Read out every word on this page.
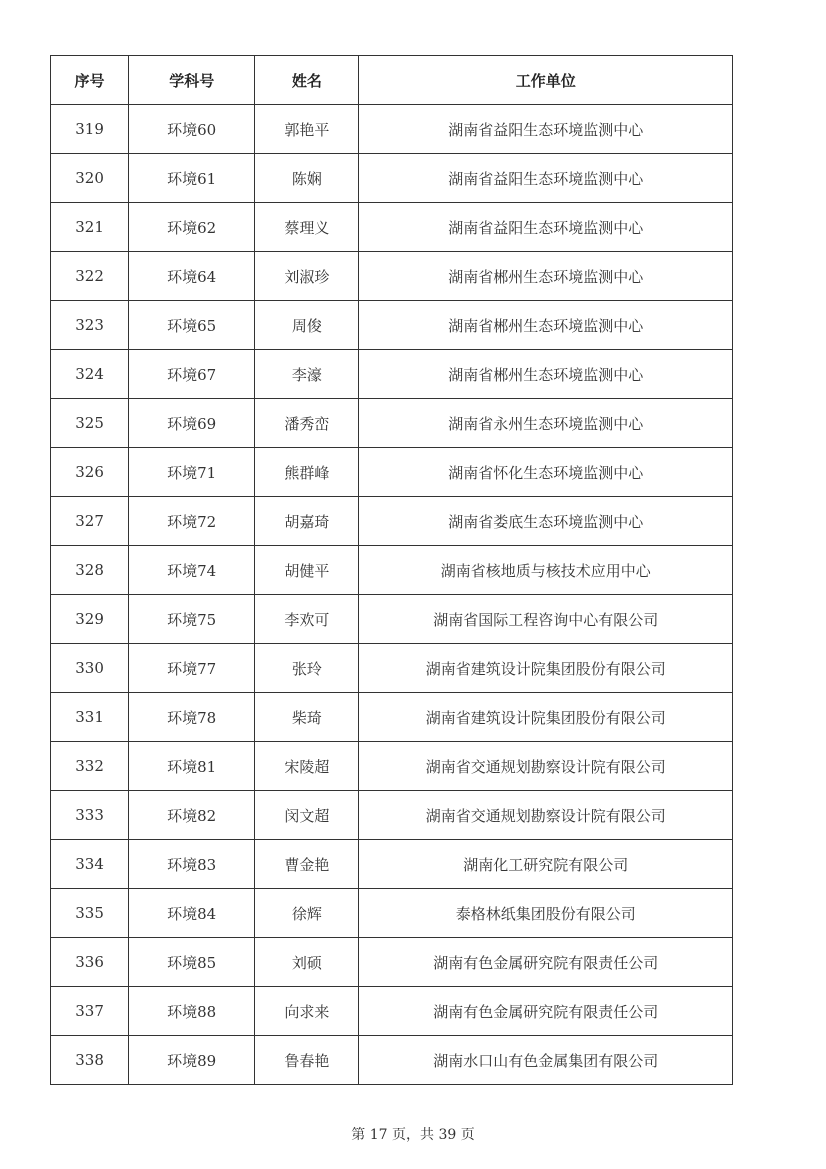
序号	学科号	姓名	工作单位
319	环境60	郭艳平	湖南省益阳生态环境监测中心
320	环境61	陈娴	湖南省益阳生态环境监测中心
321	环境62	蔡理义	湖南省益阳生态环境监测中心
322	环境64	刘淑珍	湖南省郴州生态环境监测中心
323	环境65	周俊	湖南省郴州生态环境监测中心
324	环境67	李濠	湖南省郴州生态环境监测中心
325	环境69	潘秀峦	湖南省永州生态环境监测中心
326	环境71	熊群峰	湖南省怀化生态环境监测中心
327	环境72	胡嘉琦	湖南省娄底生态环境监测中心
328	环境74	胡健平	湖南省核地质与核技术应用中心
329	环境75	李欢可	湖南省国际工程咨询中心有限公司
330	环境77	张玲	湖南省建筑设计院集团股份有限公司
331	环境78	柴琦	湖南省建筑设计院集团股份有限公司
332	环境81	宋陵超	湖南省交通规划勘察设计院有限公司
333	环境82	闵文超	湖南省交通规划勘察设计院有限公司
334	环境83	曹金艳	湖南化工研究院有限公司
335	环境84	徐辉	泰格林纸集团股份有限公司
336	环境85	刘硕	湖南有色金属研究院有限责任公司
337	环境88	向求来	湖南有色金属研究院有限责任公司
338	环境89	鲁春艳	湖南水口山有色金属集团有限公司
第 17 页，共 39 页
